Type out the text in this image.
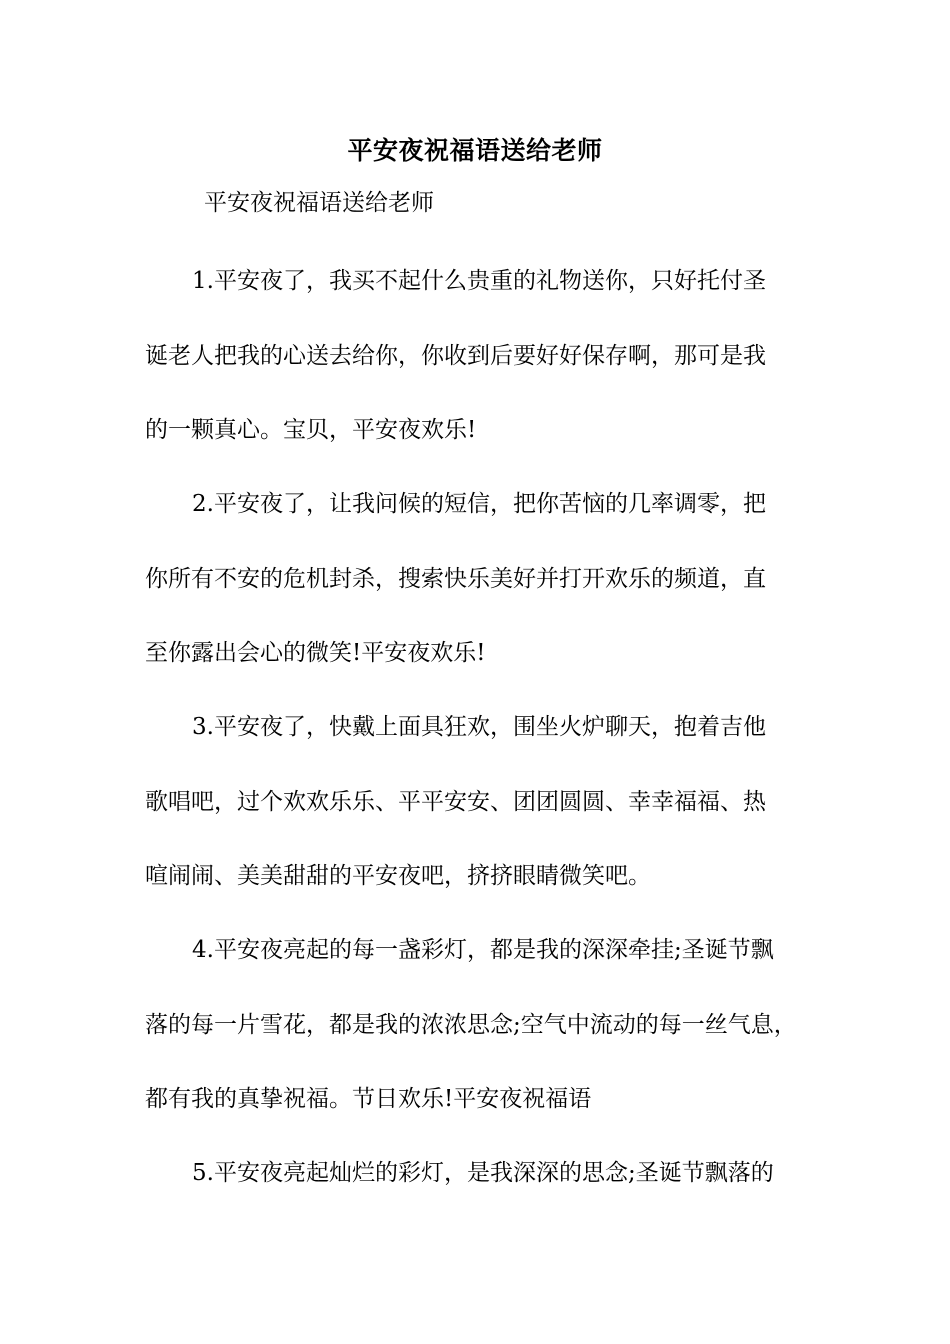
平安夜祝福语送给老师

平安夜祝福语送给老师

1.平安夜了，我买不起什么贵重的礼物送你，只好托付圣

诞老人把我的心送去给你，你收到后要好好保存啊，那可是我

的一颗真心。宝贝，平安夜欢乐!

2.平安夜了，让我问候的短信，把你苦恼的几率调零，把

你所有不安的危机封杀，搜索快乐美好并打开欢乐的频道，直

至你露出会心的微笑!平安夜欢乐!

3.平安夜了，快戴上面具狂欢，围坐火炉聊天，抱着吉他

歌唱吧，过个欢欢乐乐、平平安安、团团圆圆、幸幸福福、热

喧闹闹、美美甜甜的平安夜吧，挤挤眼睛微笑吧。

4.平安夜亮起的每一盏彩灯，都是我的深深牵挂;圣诞节飘

落的每一片雪花，都是我的浓浓思念;空气中流动的每一丝气息，

都有我的真挚祝福。节日欢乐!平安夜祝福语

5.平安夜亮起灿烂的彩灯，是我深深的思念;圣诞节飘落的
